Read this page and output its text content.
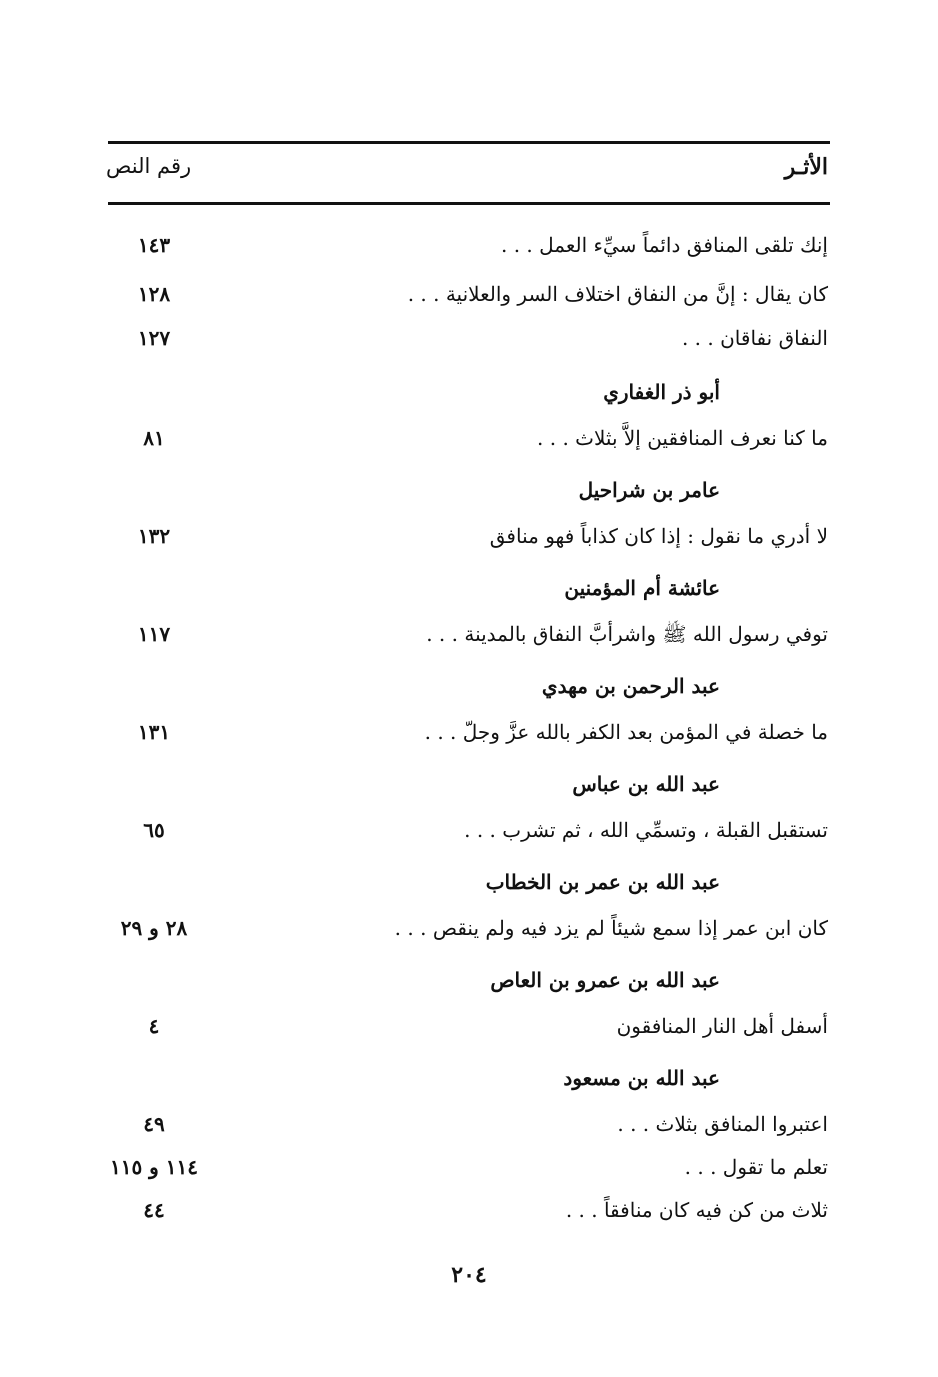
الأثـر
رقم النص
إنك تلقى المنافق دائماً سيِّء العمل . . .
١٤٣
كان يقال : إنَّ من النفاق اختلاف السر والعلانية . . .
١٢٨
النفاق نفاقان . . .
١٢٧
أبو ذر الغفاري
ما كنا نعرف المنافقين إلاَّ بثلاث . . .
٨١
عامر بن شراحيل
لا أدري ما نقول : إذا كان كذاباً فهو منافق
١٣٢
عائشة أم المؤمنين
توفي رسول الله ﷺ واشرأبَّ النفاق بالمدينة . . .
١١٧
عبد الرحمن بن مهدي
ما خصلة في المؤمن بعد الكفر بالله عزَّ وجلّ . . .
١٣١
عبد الله بن عباس
تستقبل القبلة ، وتسمِّي الله ، ثم تشرب . . .
٦٥
عبد الله بن عمر بن الخطاب
كان ابن عمر إذا سمع شيئاً لم يزد فيه ولم ينقص . . .
٢٨ و ٢٩
عبد الله بن عمرو بن العاص
أسفل أهل النار المنافقون
٤
عبد الله بن مسعود
اعتبروا المنافق بثلاث . . .
٤٩
تعلم ما تقول . . .
١١٤ و ١١٥
ثلاث من كن فيه كان منافقاً . . .
٤٤
٢٠٤
